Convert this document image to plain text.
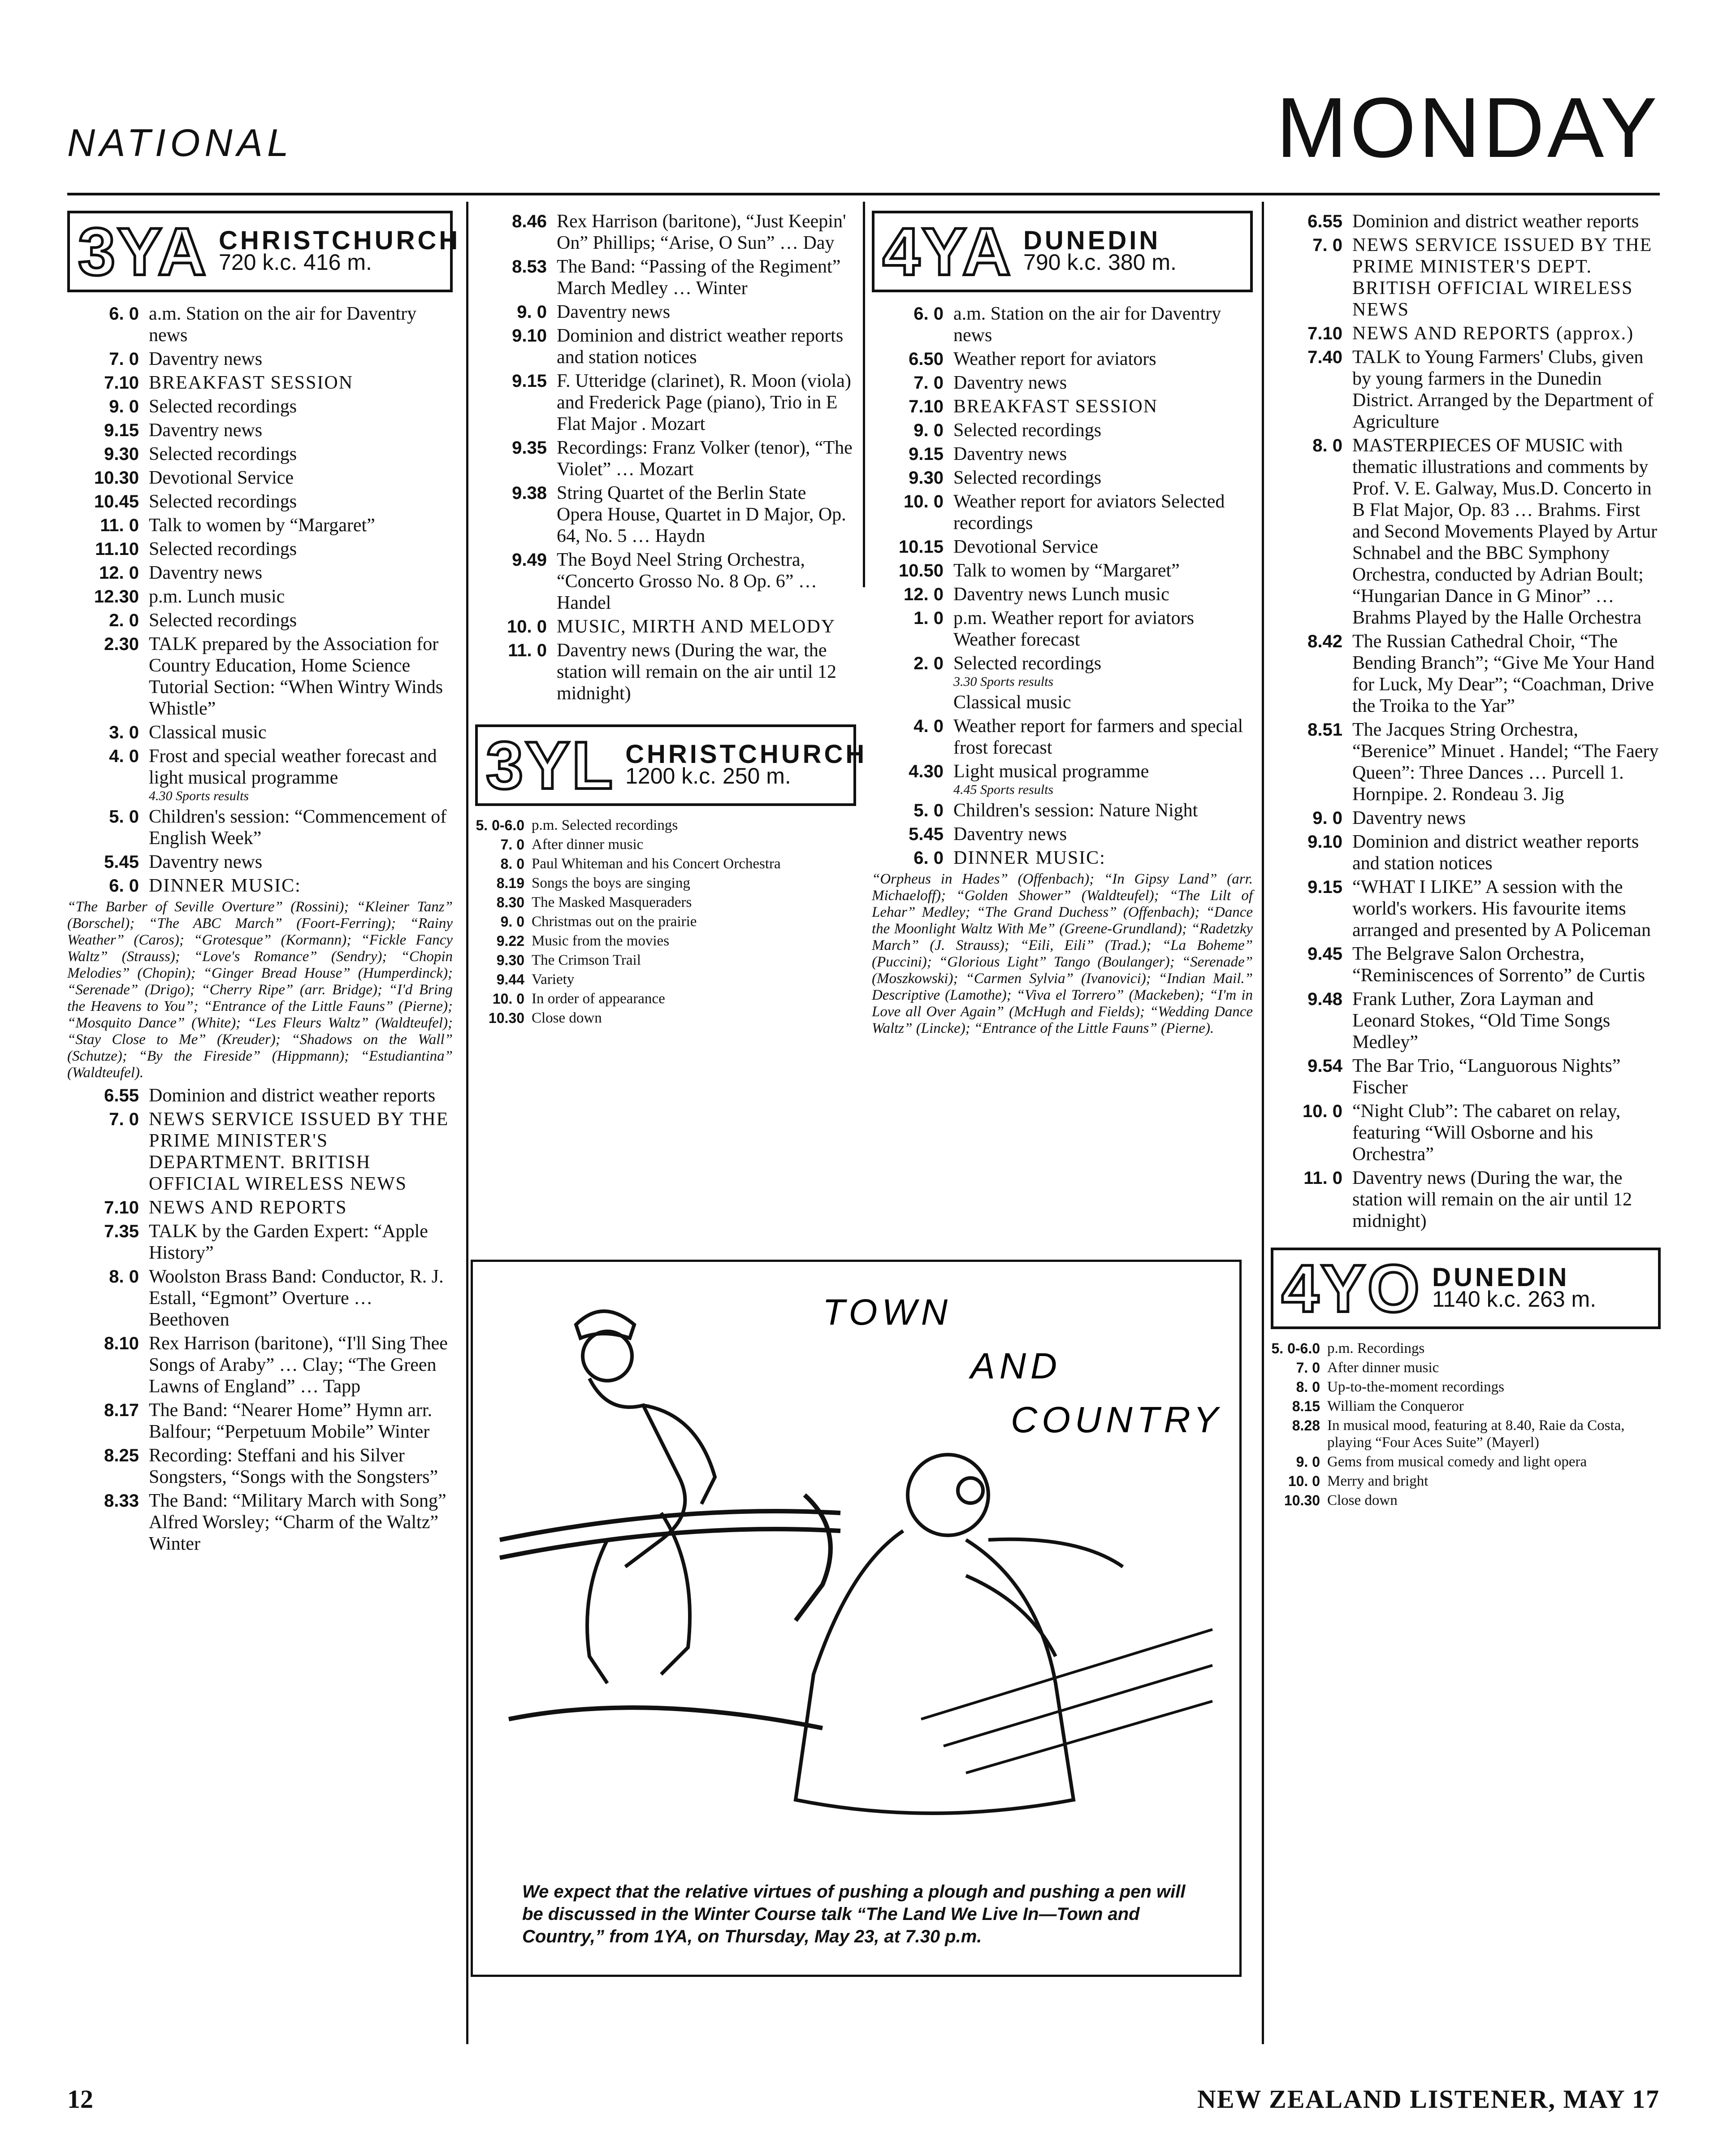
NATIONAL	MONDAY
3YA CHRISTCHURCH
720 k.c. 416 m.
6. 0 a.m. Station on the air for Daventry news
7. 0 Daventry news
7.10 BREAKFAST SESSION
9. 0 Selected recordings
9.15 Daventry news
9.30 Selected recordings
10.30 Devotional Service
10.45 Selected recordings
11. 0 Talk to women by “Margaret”
11.10 Selected recordings
12. 0 Daventry news
12.30 p.m. Lunch music
2. 0 Selected recordings
2.30 TALK prepared by the Association for Country Education, Home Science Tutorial Section: “When Wintry Winds Whistle”
3. 0 Classical music
4. 0 Frost and special weather forecast and light musical programme
4.30 Sports results
5. 0 Children's session: “Commencement of English Week”
5.45 Daventry news
6. 0 DINNER MUSIC:
“The Barber of Seville Overture” (Rossini); “Kleiner Tanz” (Borschel); “The ABC March” (Foort-Ferring); “Rainy Weather” (Caros); “Grotesque” (Kormann); “Fickle Fancy Waltz” (Strauss); “Love's Romance” (Sendry); “Chopin Melodies” (Chopin); “Ginger Bread House” (Humperdinck); “Serenade” (Drigo); “Cherry Ripe” (arr. Bridge); “I'd Bring the Heavens to You”; “Entrance of the Little Fauns” (Pierne); “Mosquito Dance” (White); “Les Fleurs Waltz” (Waldteufel); “Stay Close to Me” (Kreuder); “Shadows on the Wall” (Schutze); “By the Fireside” (Hippmann); “Estudiantina” (Waldteufel).
6.55 Dominion and district weather reports
7. 0 NEWS SERVICE ISSUED BY THE PRIME MINISTER'S DEPARTMENT. BRITISH OFFICIAL WIRELESS NEWS
7.10 NEWS AND REPORTS
7.35 TALK by the Garden Expert: “Apple History”
8. 0 Woolston Brass Band: Conductor, R. J. Estall, “Egmont” Overture … Beethoven
8.10 Rex Harrison (baritone), “I'll Sing Thee Songs of Araby” … Clay; “The Green Lawns of England” … Tapp
8.17 The Band: “Nearer Home” Hymn arr. Balfour; “Perpetuum Mobile” Winter
8.25 Recording: Steffani and his Silver Songsters, “Songs with the Songsters”
8.33 The Band: “Military March with Song” Alfred Worsley; “Charm of the Waltz” Winter
8.46 Rex Harrison (baritone), “Just Keepin' On” Phillips; “Arise, O Sun” … Day
8.53 The Band: “Passing of the Regiment” March Medley … Winter
9. 0 Daventry news
9.10 Dominion and district weather reports and station notices
9.15 F. Utteridge (clarinet), R. Moon (viola) and Frederick Page (piano), Trio in E Flat Major . Mozart
9.35 Recordings: Franz Volker (tenor), “The Violet” … Mozart
9.38 String Quartet of the Berlin State Opera House, Quartet in D Major, Op. 64, No. 5 … Haydn
9.49 The Boyd Neel String Orchestra, “Concerto Grosso No. 8 Op. 6” … Handel
10. 0 MUSIC, MIRTH AND MELODY
11. 0 Daventry news (During the war, the station will remain on the air until 12 midnight)
3YL CHRISTCHURCH
1200 k.c. 250 m.
5. 0-6.0 p.m. Selected recordings
7. 0 After dinner music
8. 0 Paul Whiteman and his Concert Orchestra
8.19 Songs the boys are singing
8.30 The Masked Masqueraders
9. 0 Christmas out on the prairie
9.22 Music from the movies
9.30 The Crimson Trail
9.44 Variety
10. 0 In order of appearance
10.30 Close down
4YA DUNEDIN
790 k.c. 380 m.
6. 0 a.m. Station on the air for Daventry news
6.50 Weather report for aviators
7. 0 Daventry news
7.10 BREAKFAST SESSION
9. 0 Selected recordings
9.15 Daventry news
9.30 Selected recordings
10. 0 Weather report for aviators Selected recordings
10.15 Devotional Service
10.50 Talk to women by “Margaret”
12. 0 Daventry news Lunch music
1. 0 p.m. Weather report for aviators Weather forecast
2. 0 Selected recordings
3.30 Sports results
Classical music
4. 0 Weather report for farmers and special frost forecast
4.30 Light musical programme
4.45 Sports results
5. 0 Children's session: Nature Night
5.45 Daventry news
6. 0 DINNER MUSIC:
“Orpheus in Hades” (Offenbach); “In Gipsy Land” (arr. Michaeloff); “Golden Shower” (Waldteufel); “The Lilt of Lehar” Medley; “The Grand Duchess” (Offenbach); “Dance the Moonlight Waltz With Me” (Greene-Grundland); “Radetzky March” (J. Strauss); “Eili, Eili” (Trad.); “La Boheme” (Puccini); “Glorious Light” Tango (Boulanger); “Serenade” (Moszkowski); “Carmen Sylvia” (Ivanovici); “Indian Mail.” Descriptive (Lamothe); “Viva el Torrero” (Mackeben); “I'm in Love all Over Again” (McHugh and Fields); “Wedding Dance Waltz” (Lincke); “Entrance of the Little Fauns” (Pierne).
6.55 Dominion and district weather reports
7. 0 NEWS SERVICE ISSUED BY THE PRIME MINISTER'S DEPT. BRITISH OFFICIAL WIRELESS NEWS
7.10 NEWS AND REPORTS (approx.)
7.40 TALK to Young Farmers' Clubs, given by young farmers in the Dunedin District. Arranged by the Department of Agriculture
8. 0 MASTERPIECES OF MUSIC with thematic illustrations and comments by Prof. V. E. Galway, Mus.D. Concerto in B Flat Major, Op. 83 … Brahms. First and Second Movements Played by Artur Schnabel and the BBC Symphony Orchestra, conducted by Adrian Boult; “Hungarian Dance in G Minor” … Brahms Played by the Halle Orchestra
8.42 The Russian Cathedral Choir, “The Bending Branch”; “Give Me Your Hand for Luck, My Dear”; “Coachman, Drive the Troika to the Yar”
8.51 The Jacques String Orchestra, “Berenice” Minuet . Handel; “The Faery Queen”: Three Dances … Purcell 1. Hornpipe. 2. Rondeau 3. Jig
9. 0 Daventry news
9.10 Dominion and district weather reports and station notices
9.15 “WHAT I LIKE” A session with the world's workers. His favourite items arranged and presented by A Policeman
9.45 The Belgrave Salon Orchestra, “Reminiscences of Sorrento” de Curtis
9.48 Frank Luther, Zora Layman and Leonard Stokes, “Old Time Songs Medley”
9.54 The Bar Trio, “Languorous Nights” Fischer
10. 0 “Night Club”: The cabaret on relay, featuring “Will Osborne and his Orchestra”
11. 0 Daventry news (During the war, the station will remain on the air until 12 midnight)
4YO DUNEDIN
1140 k.c. 263 m.
5. 0-6.0 p.m. Recordings
7. 0 After dinner music
8. 0 Up-to-the-moment recordings
8.15 William the Conqueror
8.28 In musical mood, featuring at 8.40, Raie da Costa, playing “Four Aces Suite” (Mayerl)
9. 0 Gems from musical comedy and light opera
10. 0 Merry and bright
10.30 Close down
TOWN
AND
COUNTRY
We expect that the relative virtues of pushing a plough and pushing a pen will be discussed in the Winter Course talk “The Land We Live In—Town and Country,” from 1YA, on Thursday, May 23, at 7.30 p.m.
12	NEW ZEALAND LISTENER, MAY 17
